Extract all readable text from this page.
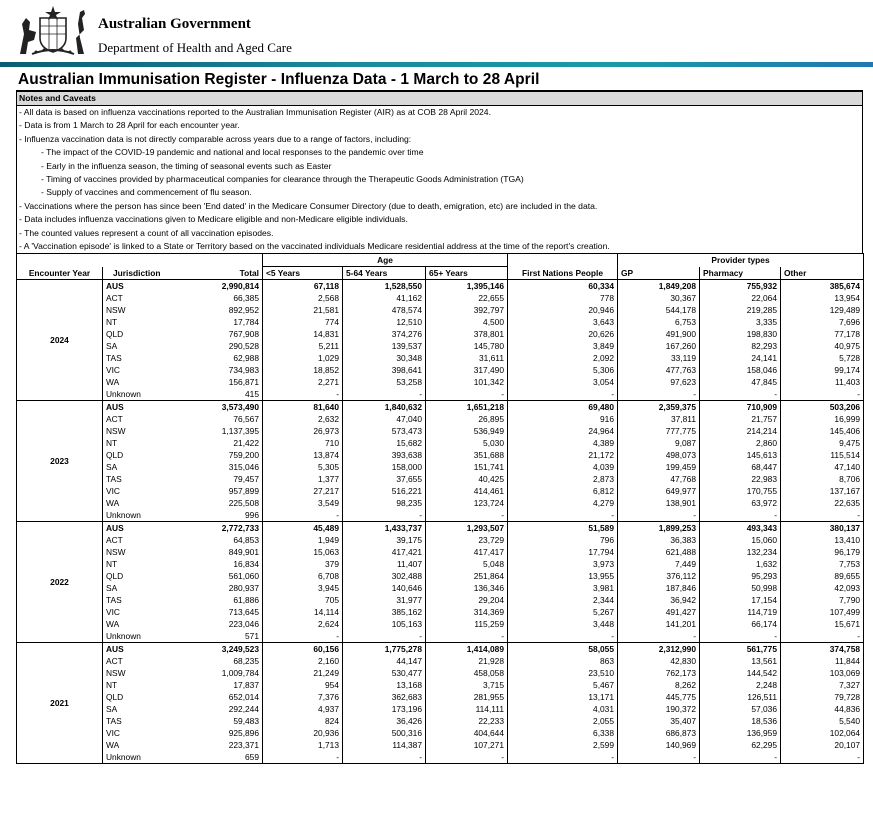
Australian Government
Department of Health and Aged Care
Australian Immunisation Register - Influenza Data - 1 March to 28 April
Notes and Caveats
- All data is based on influenza vaccinations reported to the Australian Immunisation Register (AIR) as at COB 28 April 2024.
- Data is from 1 March to 28 April for each encounter year.
- Influenza vaccination data is not directly comparable across years due to a range of factors, including:
- The impact of the COVID-19 pandemic and national and local responses to the pandemic over time
- Early in the influenza season, the timing of seasonal events such as Easter
- Timing of vaccines provided by pharmaceutical companies for clearance through the Therapeutic Goods Administration (TGA)
- Supply of vaccines and commencement of flu season.
- Vaccinations where the person has since been 'End dated' in the Medicare Consumer Directory (due to death, emigration, etc) are included in the data.
- Data includes influenza vaccinations given to Medicare eligible and non-Medicare eligible individuals.
- The counted values represent a count of all vaccination episodes.
- A 'Vaccination episode' is linked to a State or Territory based on the vaccinated individuals Medicare residential address at the time of the report's creation.
			Age				Provider types		
Encounter Year	Jurisdiction	Total	<5 Years	5-64 Years	65+ Years	First Nations People	GP	Pharmacy	Other
2024	AUS	2,990,814	67,118	1,528,550	1,395,146	60,334	1,849,208	755,932	385,674
	ACT	66,385	2,568	41,162	22,655	778	30,367	22,064	13,954
	NSW	892,952	21,581	478,574	392,797	20,946	544,178	219,285	129,489
	NT	17,784	774	12,510	4,500	3,643	6,753	3,335	7,696
	QLD	767,908	14,831	374,276	378,801	20,626	491,900	198,830	77,178
	SA	290,528	5,211	139,537	145,780	3,849	167,260	82,293	40,975
	TAS	62,988	1,029	30,348	31,611	2,092	33,119	24,141	5,728
	VIC	734,983	18,852	398,641	317,490	5,306	477,763	158,046	99,174
	WA	156,871	2,271	53,258	101,342	3,054	97,623	47,845	11,403
	Unknown	415	-	-	-	-	-	-	-
2023	AUS	3,573,490	81,640	1,840,632	1,651,218	69,480	2,359,375	710,909	503,206
	ACT	76,567	2,632	47,040	26,895	916	37,811	21,757	16,999
	NSW	1,137,395	26,973	573,473	536,949	24,964	777,775	214,214	145,406
	NT	21,422	710	15,682	5,030	4,389	9,087	2,860	9,475
	QLD	759,200	13,874	393,638	351,688	21,172	498,073	145,613	115,514
	SA	315,046	5,305	158,000	151,741	4,039	199,459	68,447	47,140
	TAS	79,457	1,377	37,655	40,425	2,873	47,768	22,983	8,706
	VIC	957,899	27,217	516,221	414,461	6,812	649,977	170,755	137,167
	WA	225,508	3,549	98,235	123,724	4,279	138,901	63,972	22,635
	Unknown	996	-	-	-	-	-	-	-
2022	AUS	2,772,733	45,489	1,433,737	1,293,507	51,589	1,899,253	493,343	380,137
	ACT	64,853	1,949	39,175	23,729	796	36,383	15,060	13,410
	NSW	849,901	15,063	417,421	417,417	17,794	621,488	132,234	96,179
	NT	16,834	379	11,407	5,048	3,973	7,449	1,632	7,753
	QLD	561,060	6,708	302,488	251,864	13,955	376,112	95,293	89,655
	SA	280,937	3,945	140,646	136,346	3,981	187,846	50,998	42,093
	TAS	61,886	705	31,977	29,204	2,344	36,942	17,154	7,790
	VIC	713,645	14,114	385,162	314,369	5,267	491,427	114,719	107,499
	WA	223,046	2,624	105,163	115,259	3,448	141,201	66,174	15,671
	Unknown	571	-	-	-	-	-	-	-
2021	AUS	3,249,523	60,156	1,775,278	1,414,089	58,055	2,312,990	561,775	374,758
	ACT	68,235	2,160	44,147	21,928	863	42,830	13,561	11,844
	NSW	1,009,784	21,249	530,477	458,058	23,510	762,173	144,542	103,069
	NT	17,837	954	13,168	3,715	5,467	8,262	2,248	7,327
	QLD	652,014	7,376	362,683	281,955	13,171	445,775	126,511	79,728
	SA	292,244	4,937	173,196	114,111	4,031	190,372	57,036	44,836
	TAS	59,483	824	36,426	22,233	2,055	35,407	18,536	5,540
	VIC	925,896	20,936	500,316	404,644	6,338	686,873	136,959	102,064
	WA	223,371	1,713	114,387	107,271	2,599	140,969	62,295	20,107
	Unknown	659	-	-	-	-	-	-	-
